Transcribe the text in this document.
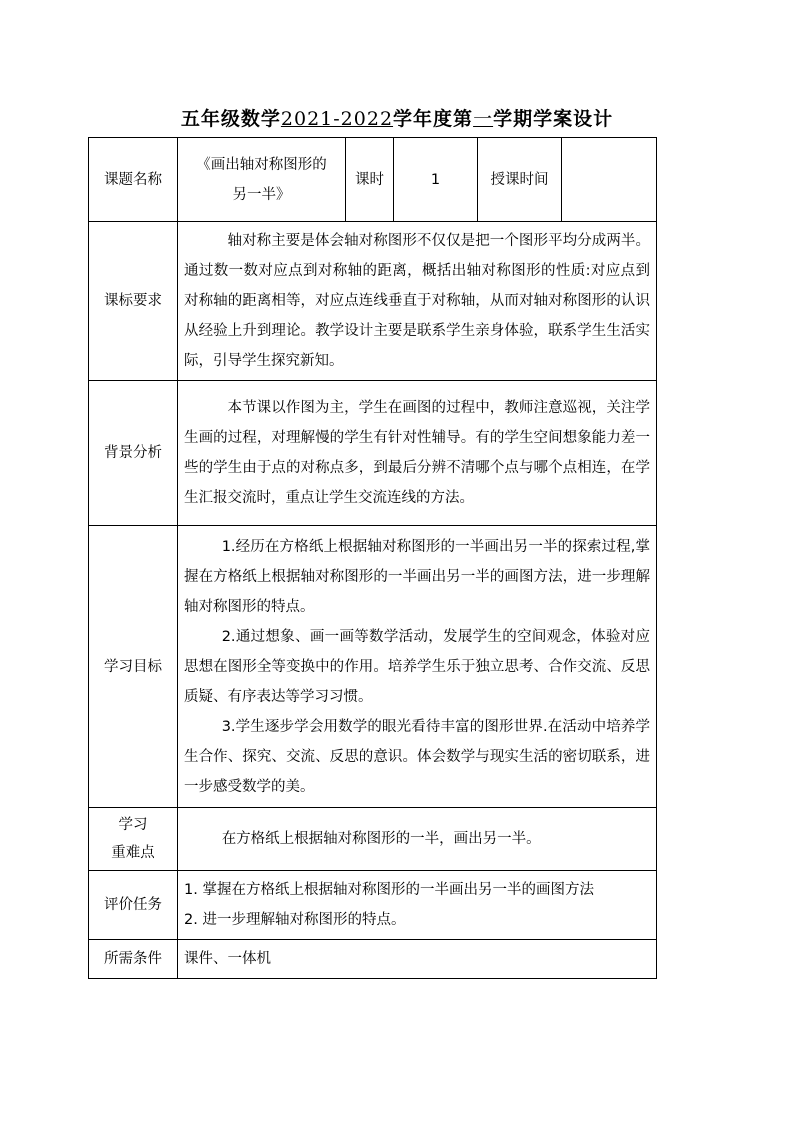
五年级数学2021-2022学年度第一学期学案设计
课题名称	《画出轴对称图形的
另一半》	课时	1	授课时间	
课标要求	轴对称主要是体会轴对称图形不仅仅是把一个图形平均分成两半。通过数一数对应点到对称轴的距离，概括出轴对称图形的性质:对应点到对称轴的距离相等，对应点连线垂直于对称轴，从而对轴对称图形的认识从经验上升到理论。教学设计主要是联系学生亲身体验，联系学生生活实际，引导学生探究新知。				
背景分析	本节课以作图为主，学生在画图的过程中，教师注意巡视，关注学生画的过程，对理解慢的学生有针对性辅导。有的学生空间想象能力差一些的学生由于点的对称点多，到最后分辨不清哪个点与哪个点相连，在学生汇报交流时，重点让学生交流连线的方法。				
学习目标	1.经历在方格纸上根据轴对称图形的一半画出另一半的探索过程,掌握在方格纸上根据轴对称图形的一半画出另一半的画图方法，进一步理解轴对称图形的特点。
2.通过想象、画一画等数学活动，发展学生的空间观念，体验对应思想在图形全等变换中的作用。培养学生乐于独立思考、合作交流、反思质疑、有序表达等学习习惯。
3.学生逐步学会用数学的眼光看待丰富的图形世界.在活动中培养学生合作、探究、交流、反思的意识。体会数学与现实生活的密切联系，进一步感受数学的美。				

学习
重难点	在方格纸上根据轴对称图形的一半，画出另一半。				
评价任务	1. 掌握在方格纸上根据轴对称图形的一半画出另一半的画图方法
2. 进一步理解轴对称图形的特点。				

所需条件	课件、一体机				
